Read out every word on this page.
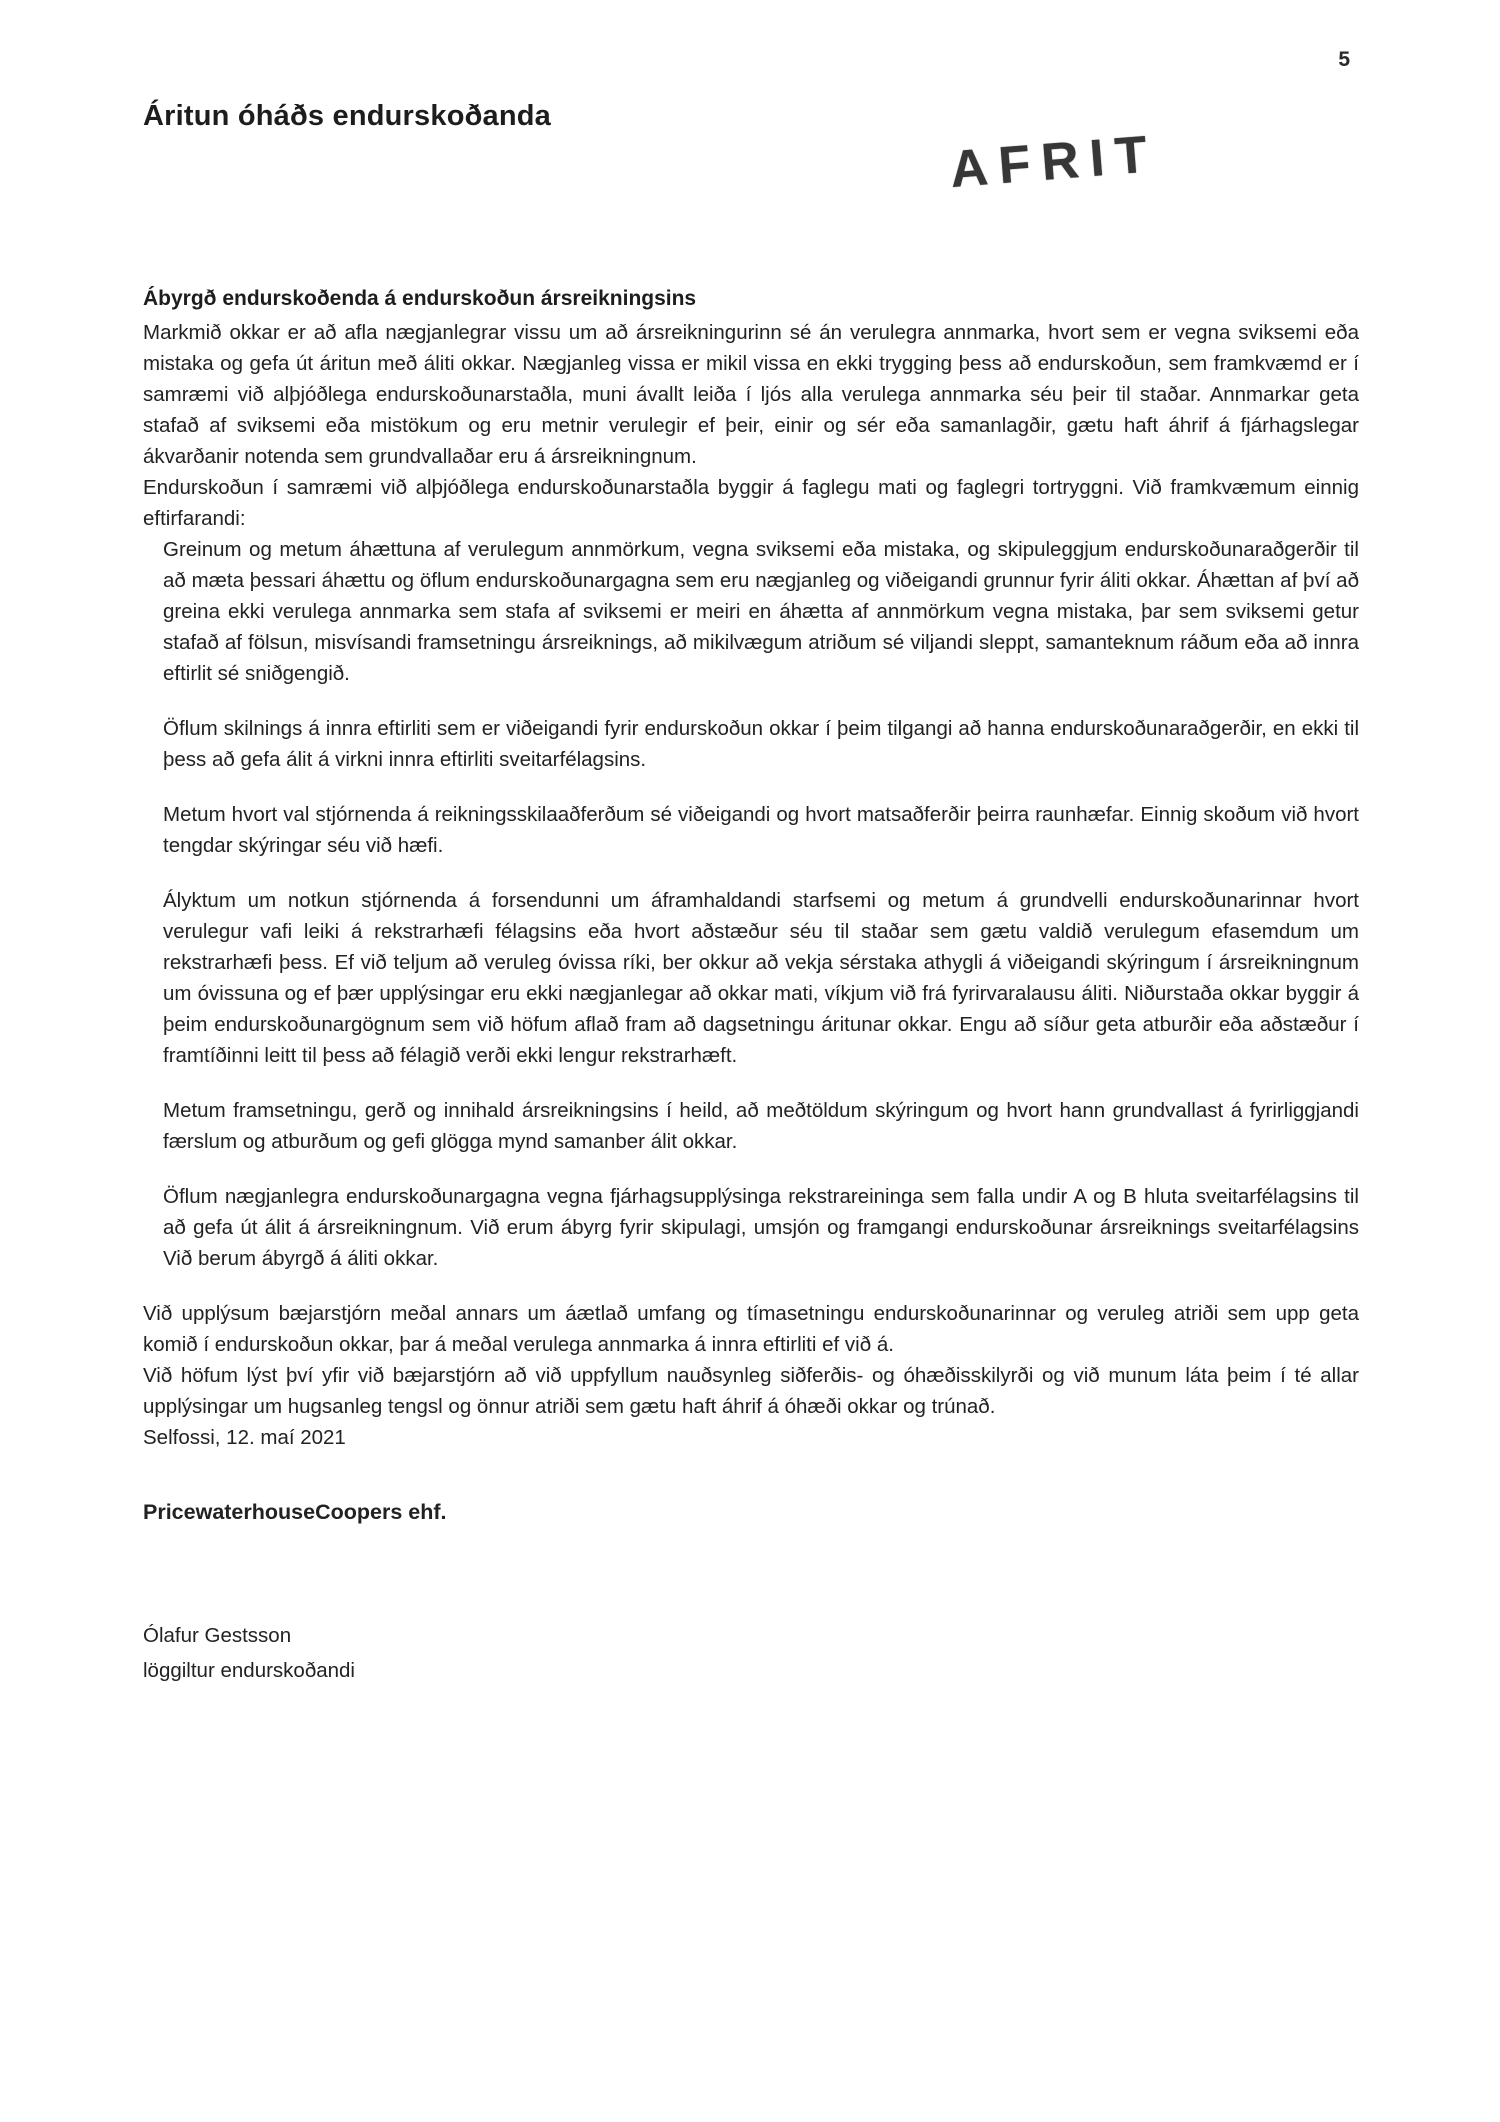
5
Áritun óháðs endurskoðanda
AFRIT
Ábyrgð endurskoðenda á endurskoðun ársreikningsins

Markmið okkar er að afla nægjanlegrar vissu um að ársreikningurinn sé án verulegra annmarka, hvort sem er vegna sviksemi eða mistaka og gefa út áritun með áliti okkar. Nægjanleg vissa er mikil vissa en ekki trygging þess að endurskoðun, sem framkvæmd er í samræmi við alþjóðlega endurskoðunarstaðla, muni ávallt leiða í ljós alla verulega annmarka séu þeir til staðar. Annmarkar geta stafað af sviksemi eða mistökum og eru metnir verulegir ef þeir, einir og sér eða samanlagðir, gætu haft áhrif á fjárhagslegar ákvarðanir notenda sem grundvallaðar eru á ársreikningnum.

Endurskoðun í samræmi við alþjóðlega endurskoðunarstaðla byggir á faglegu mati og faglegri tortryggni. Við framkvæmum einnig eftirfarandi:

Greinum og metum áhættuna af verulegum annmörkum, vegna sviksemi eða mistaka, og skipuleggjum endurskoðunaraðgerðir til að mæta þessari áhættu og öflum endurskoðunargagna sem eru nægjanleg og viðeigandi grunnur fyrir áliti okkar. Áhættan af því að greina ekki verulega annmarka sem stafa af sviksemi er meiri en áhætta af annmörkum vegna mistaka, þar sem sviksemi getur stafað af fölsun, misvísandi framsetningu ársreiknings, að mikilvægum atriðum sé viljandi sleppt, samanteknum ráðum eða að innra eftirlit sé sniðgengið.

Öflum skilnings á innra eftirliti sem er viðeigandi fyrir endurskoðun okkar í þeim tilgangi að hanna endurskoðunaraðgerðir, en ekki til þess að gefa álit á virkni innra eftirliti sveitarfélagsins.

Metum hvort val stjórnenda á reikningsskilaaðferðum sé viðeigandi og hvort matsaðferðir þeirra raunhæfar. Einnig skoðum við hvort tengdar skýringar séu við hæfi.

Ályktum um notkun stjórnenda á forsendunni um áframhaldandi starfsemi og metum á grundvelli endurskoðunarinnar hvort verulegur vafi leiki á rekstrarhæfi félagsins eða hvort aðstæður séu til staðar sem gætu valdið verulegum efasemdum um rekstrarhæfi þess. Ef við teljum að veruleg óvissa ríki, ber okkur að vekja sérstaka athygli á viðeigandi skýringum í ársreikningnum um óvissuna og ef þær upplýsingar eru ekki nægjanlegar að okkar mati, víkjum við frá fyrirvaralausu áliti. Niðurstaða okkar byggir á þeim endurskoðunargögnum sem við höfum aflað fram að dagsetningu áritunar okkar. Engu að síður geta atburðir eða aðstæður í framtíðinni leitt til þess að félagið verði ekki lengur rekstrarhæft.

Metum framsetningu, gerð og innihald ársreikningsins í heild, að meðtöldum skýringum og hvort hann grundvallast á fyrirliggjandi færslum og atburðum og gefi glögga mynd samanber álit okkar.

Öflum nægjanlegra endurskoðunargagna vegna fjárhagsupplýsinga rekstrareininga sem falla undir A og B hluta sveitarfélagsins til að gefa út álit á ársreikningnum. Við erum ábyrg fyrir skipulagi, umsjón og framgangi endurskoðunar ársreiknings sveitarfélagsins Við berum ábyrgð á áliti okkar.

Við upplýsum bæjarstjórn meðal annars um áætlað umfang og tímasetningu endurskoðunarinnar og veruleg atriði sem upp geta komið í endurskoðun okkar, þar á meðal verulega annmarka á innra eftirliti ef við á.

Við höfum lýst því yfir við bæjarstjórn að við uppfyllum nauðsynleg siðferðis- og óhæðisskilyrði og við munum láta þeim í té allar upplýsingar um hugsanleg tengsl og önnur atriði sem gætu haft áhrif á óhæði okkar og trúnað.

Selfossi, 12. maí 2021

PricewaterhouseCoopers ehf.

Ólafur Gestsson

löggiltur endurskoðandi
